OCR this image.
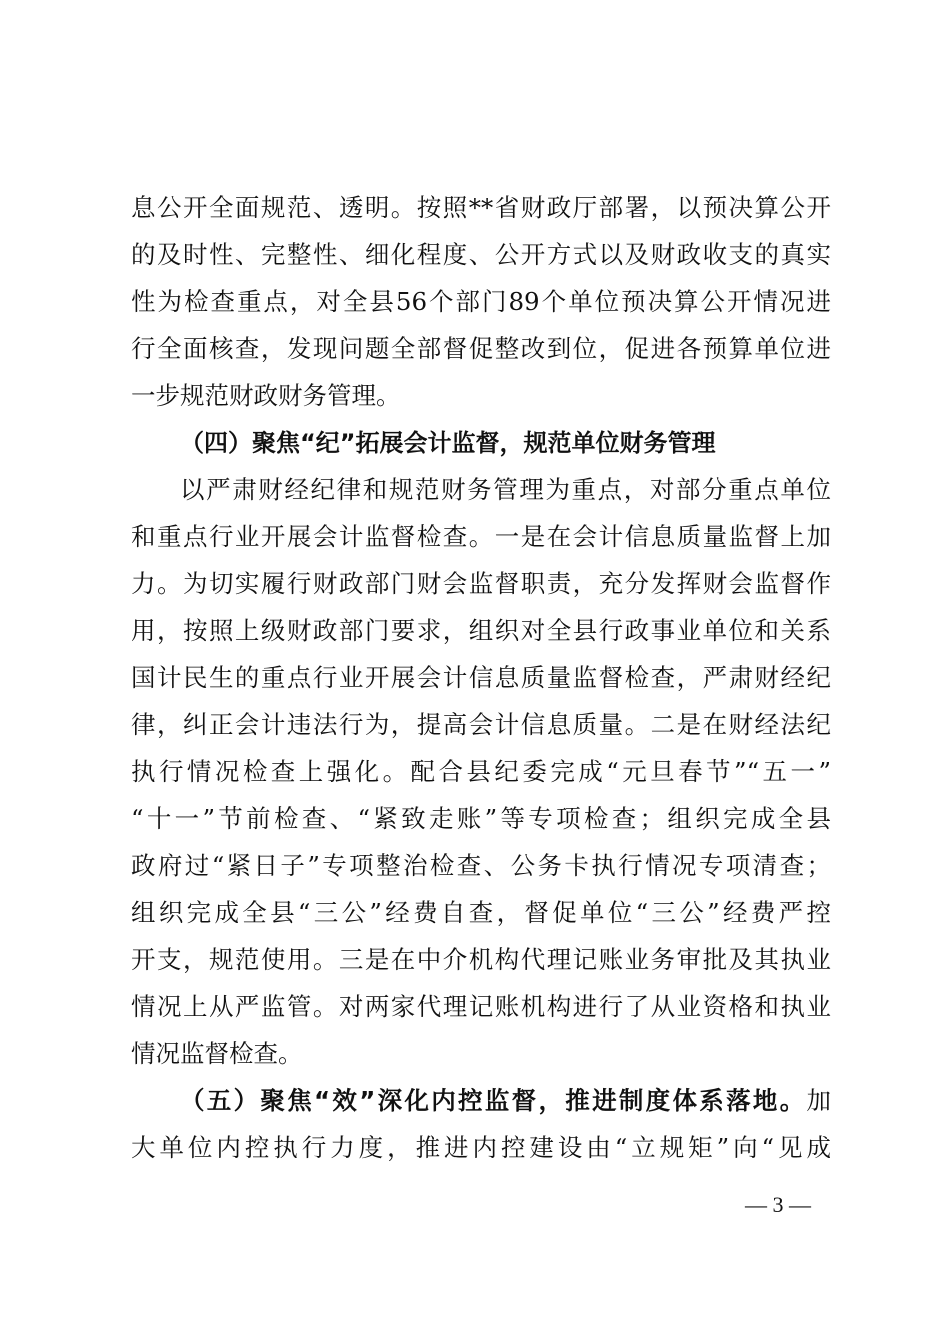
息公开全面规范、透明。按照**省财政厅部署，以预决算公开
的及时性、完整性、细化程度、公开方式以及财政收支的真实
性为检查重点，对全县56个部门89个单位预决算公开情况进
行全面核查，发现问题全部督促整改到位，促进各预算单位进
一步规范财政财务管理。
（四）聚焦“纪”拓展会计监督，规范单位财务管理
以严肃财经纪律和规范财务管理为重点，对部分重点单位
和重点行业开展会计监督检查。一是在会计信息质量监督上加
力。为切实履行财政部门财会监督职责，充分发挥财会监督作
用，按照上级财政部门要求，组织对全县行政事业单位和关系
国计民生的重点行业开展会计信息质量监督检查，严肃财经纪
律，纠正会计违法行为，提高会计信息质量。二是在财经法纪
执行情况检查上强化。配合县纪委完成“元旦春节”“五一”
“十一”节前检查、“紧致走账”等专项检查；组织完成全县
政府过“紧日子”专项整治检查、公务卡执行情况专项清查；
组织完成全县“三公”经费自查，督促单位“三公”经费严控
开支，规范使用。三是在中介机构代理记账业务审批及其执业
情况上从严监管。对两家代理记账机构进行了从业资格和执业
情况监督检查。
（五）聚焦“效”深化内控监督，推进制度体系落地。加
大单位内控执行力度，推进内控建设由“立规矩”向“见成
— 3 —
